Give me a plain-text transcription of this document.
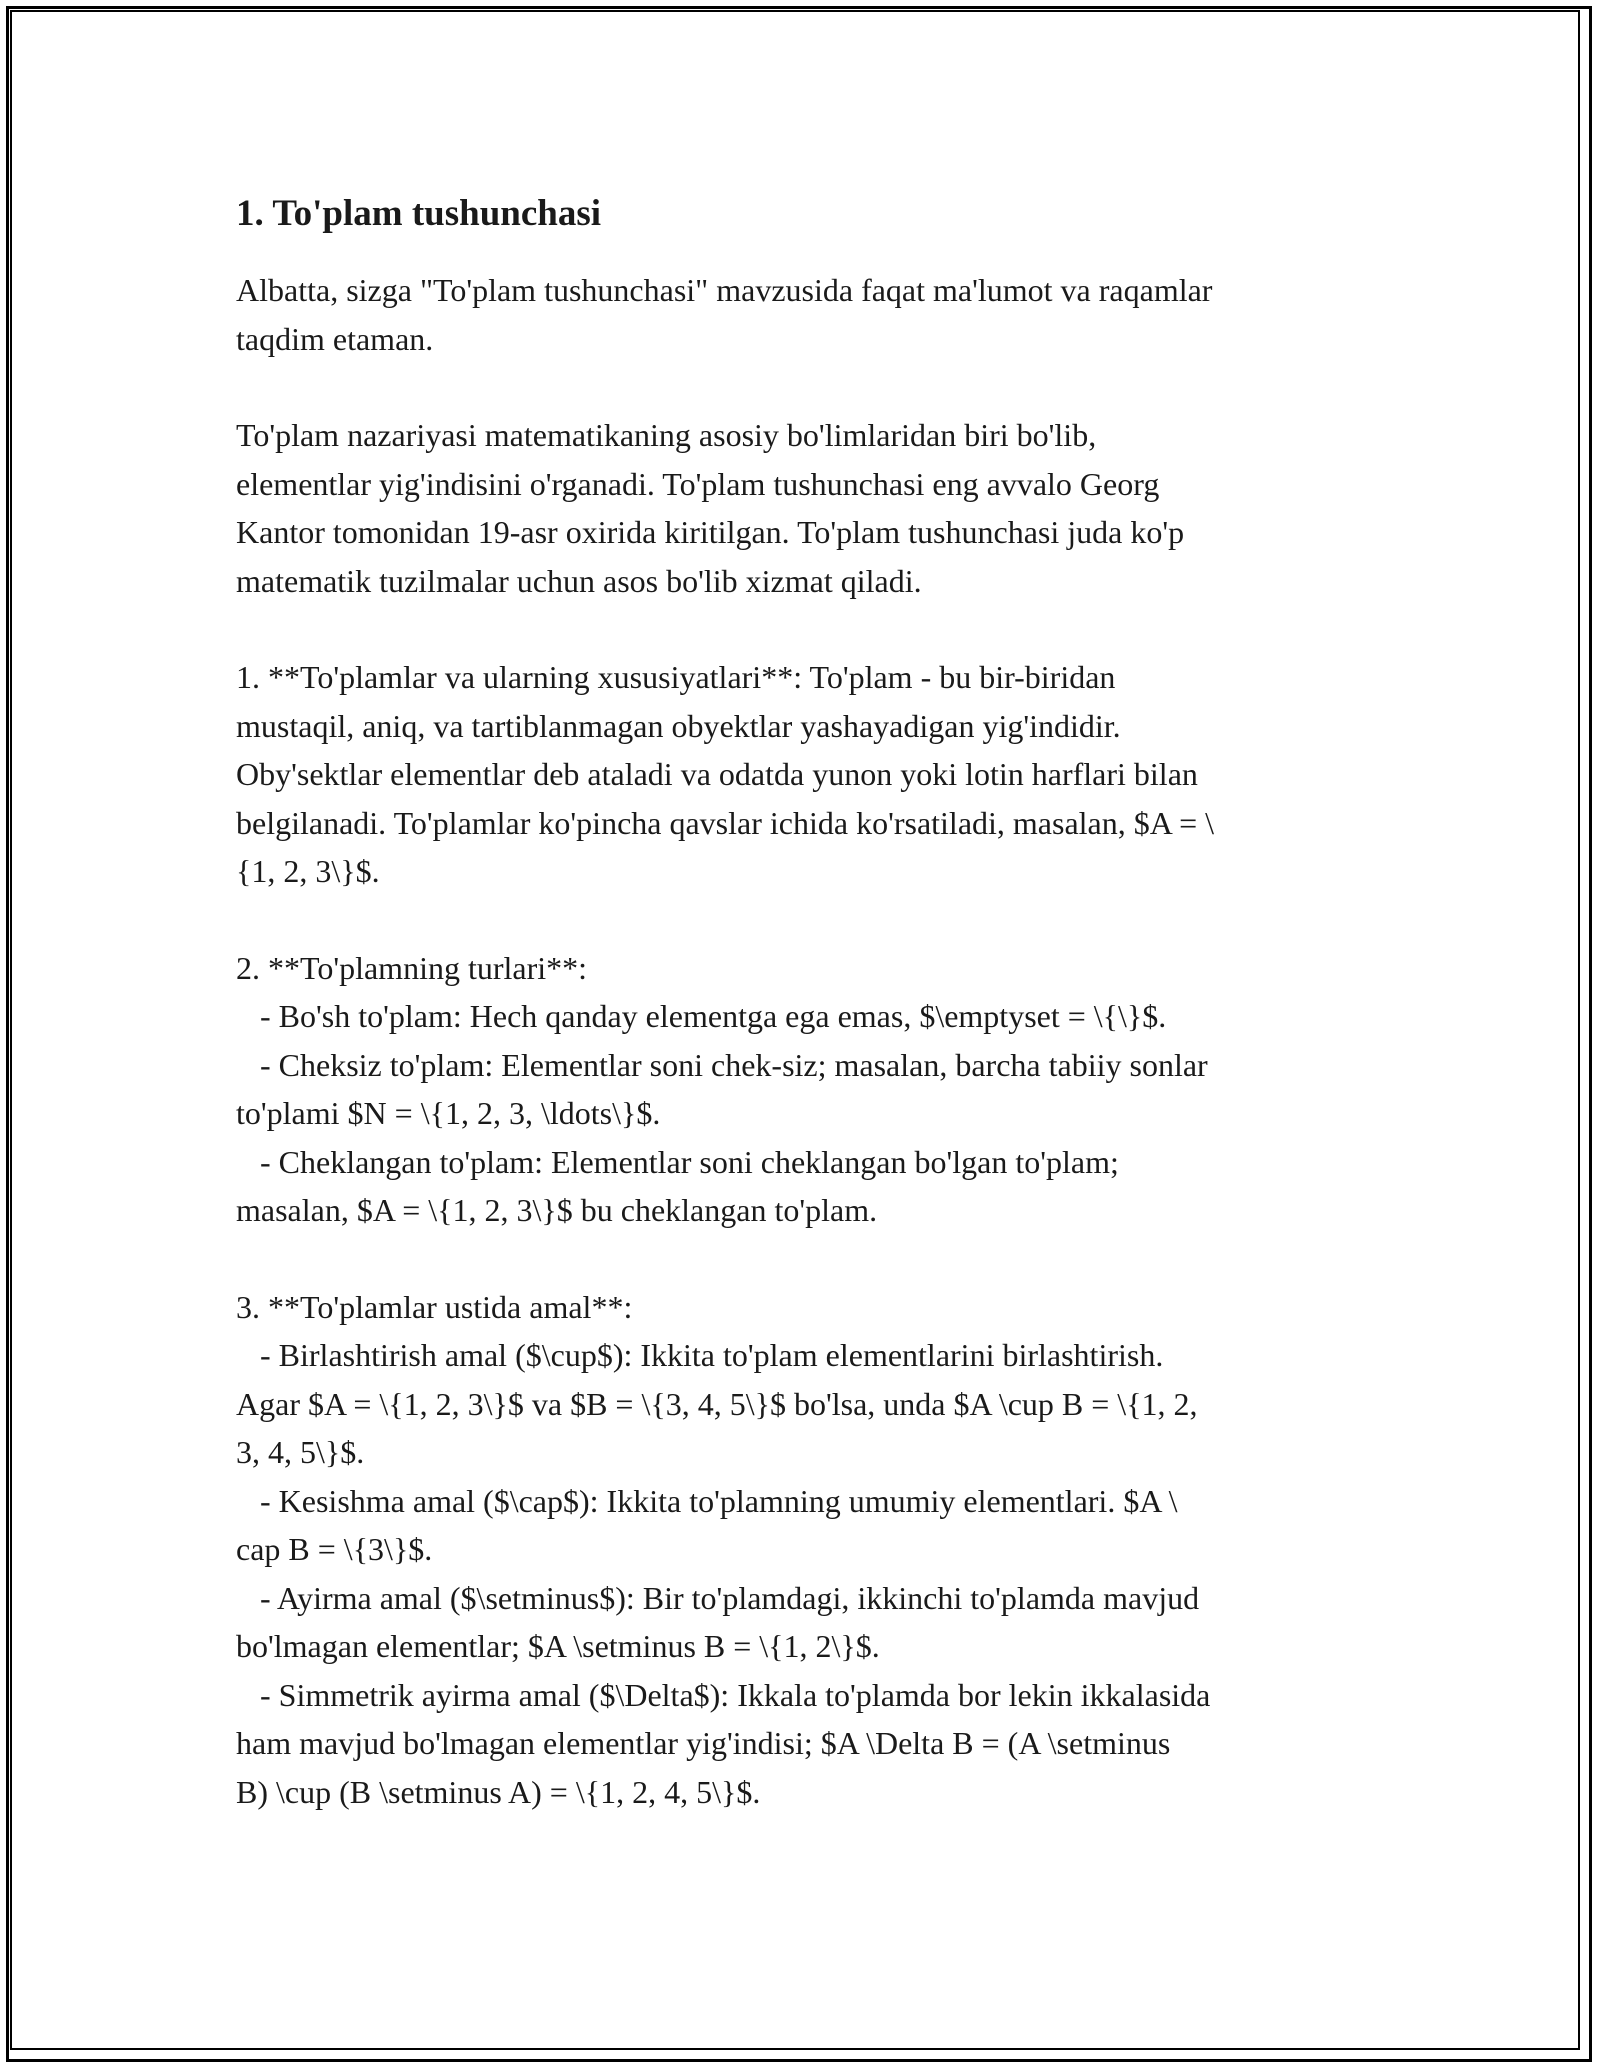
1. To'plam tushunchasi

Albatta, sizga "To'plam tushunchasi" mavzusida faqat ma'lumot va raqamlar
taqdim etaman.

To'plam nazariyasi matematikaning asosiy bo'limlaridan biri bo'lib,
elementlar yig'indisini o'rganadi. To'plam tushunchasi eng avvalo Georg
Kantor tomonidan 19-asr oxirida kiritilgan. To'plam tushunchasi juda ko'p
matematik tuzilmalar uchun asos bo'lib xizmat qiladi.

1. **To'plamlar va ularning xususiyatlari**: To'plam - bu bir-biridan
mustaqil, aniq, va tartiblanmagan obyektlar yashayadigan yig'indidir.
Oby'sektlar elementlar deb ataladi va odatda yunon yoki lotin harflari bilan
belgilanadi. To'plamlar ko'pincha qavslar ichida ko'rsatiladi, masalan, $A = \
{1, 2, 3\}$.

2. **To'plamning turlari**:
- Bo'sh to'plam: Hech qanday elementga ega emas, $\emptyset = \{\}$.
- Cheksiz to'plam: Elementlar soni chek-siz; masalan, barcha tabiiy sonlar
to'plami $N = \{1, 2, 3, \ldots\}$.
- Cheklangan to'plam: Elementlar soni cheklangan bo'lgan to'plam;
masalan, $A = \{1, 2, 3\}$ bu cheklangan to'plam.

3. **To'plamlar ustida amal**:
- Birlashtirish amal ($\cup$): Ikkita to'plam elementlarini birlashtirish.
Agar $A = \{1, 2, 3\}$ va $B = \{3, 4, 5\}$ bo'lsa, unda $A \cup B = \{1, 2,
3, 4, 5\}$.
- Kesishma amal ($\cap$): Ikkita to'plamning umumiy elementlari. $A \
cap B = \{3\}$.
- Ayirma amal ($\setminus$): Bir to'plamdagi, ikkinchi to'plamda mavjud
bo'lmagan elementlar; $A \setminus B = \{1, 2\}$.
- Simmetrik ayirma amal ($\Delta$): Ikkala to'plamda bor lekin ikkalasida
ham mavjud bo'lmagan elementlar yig'indisi; $A \Delta B = (A \setminus
B) \cup (B \setminus A) = \{1, 2, 4, 5\}$.
